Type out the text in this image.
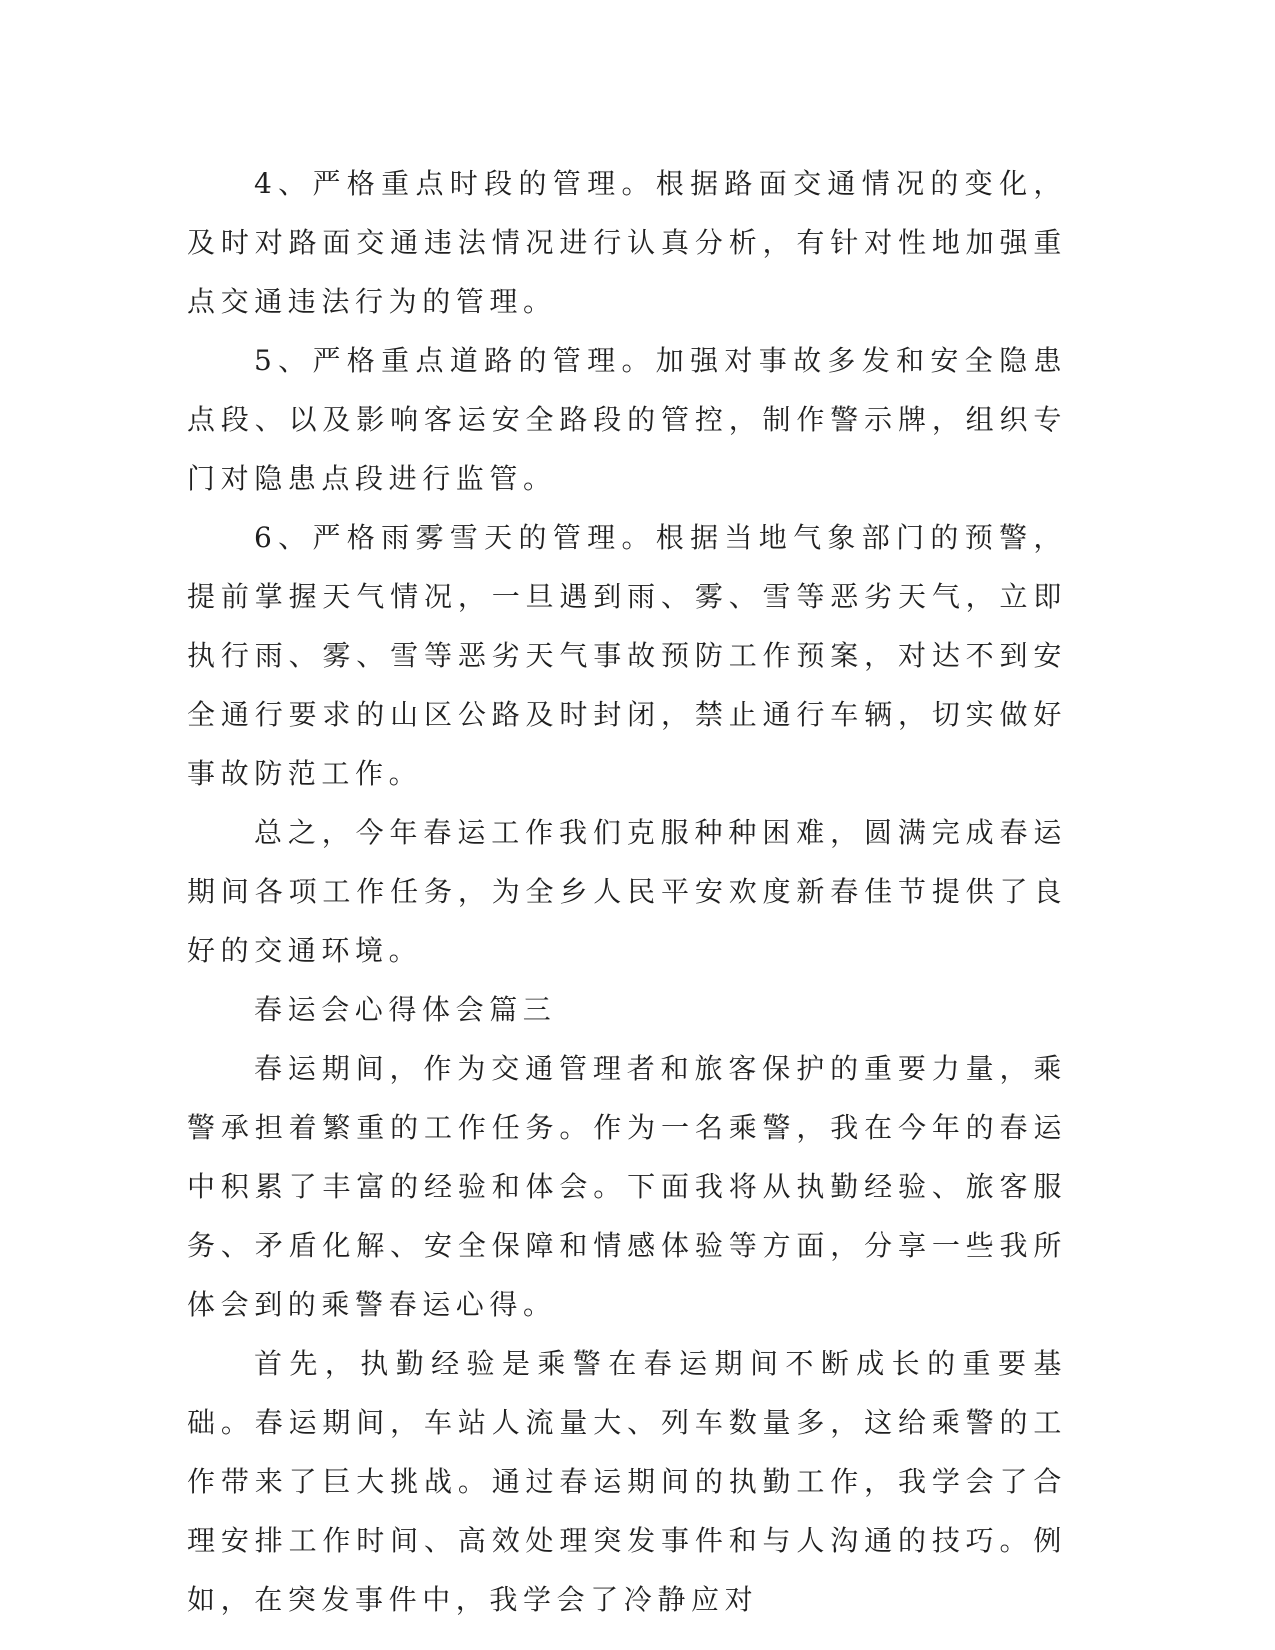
4、严格重点时段的管理。根据路面交通情况的变化，及时对路面交通违法情况进行认真分析，有针对性地加强重点交通违法行为的管理。

5、严格重点道路的管理。加强对事故多发和安全隐患点段、以及影响客运安全路段的管控，制作警示牌，组织专门对隐患点段进行监管。

6、严格雨雾雪天的管理。根据当地气象部门的预警，提前掌握天气情况，一旦遇到雨、雾、雪等恶劣天气，立即执行雨、雾、雪等恶劣天气事故预防工作预案，对达不到安全通行要求的山区公路及时封闭，禁止通行车辆，切实做好事故防范工作。

总之，今年春运工作我们克服种种困难，圆满完成春运期间各项工作任务，为全乡人民平安欢度新春佳节提供了良好的交通环境。

春运会心得体会篇三

春运期间，作为交通管理者和旅客保护的重要力量，乘警承担着繁重的工作任务。作为一名乘警，我在今年的春运中积累了丰富的经验和体会。下面我将从执勤经验、旅客服务、矛盾化解、安全保障和情感体验等方面，分享一些我所体会到的乘警春运心得。

首先，执勤经验是乘警在春运期间不断成长的重要基础。春运期间，车站人流量大、列车数量多，这给乘警的工作带来了巨大挑战。通过春运期间的执勤工作，我学会了合理安排工作时间、高效处理突发事件和与人沟通的技巧。例如，在突发事件中，我学会了冷静应对
